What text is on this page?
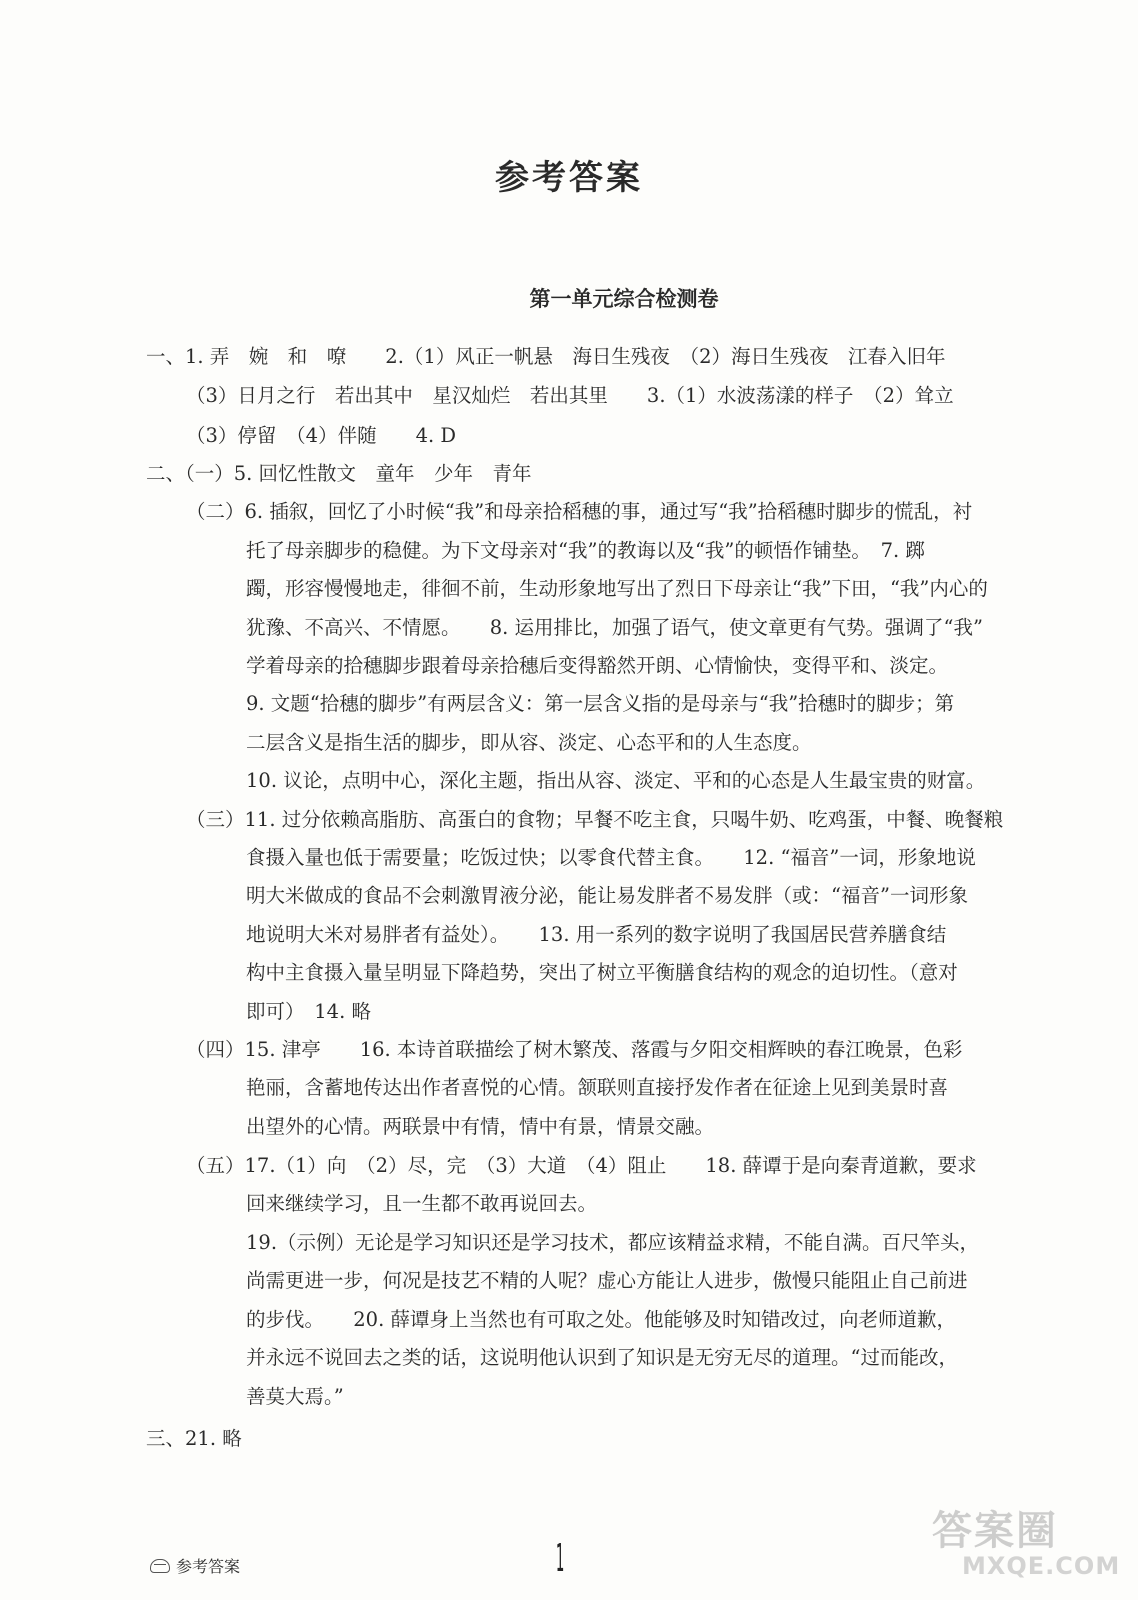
参考答案
第一单元综合检测卷
一、1. 弄　婉　和　嘹　　2.（1）风正一帆悬　海日生残夜　（2）海日生残夜　江春入旧年
（3）日月之行　若出其中　星汉灿烂　若出其里　　3.（1）水波荡漾的样子　（2）耸立
（3）停留　（4）伴随　　4. D
二、（一）5. 回忆性散文　童年　少年　青年
（二）6. 插叙，回忆了小时候“我”和母亲拾稻穗的事，通过写“我”拾稻穗时脚步的慌乱，衬
托了母亲脚步的稳健。为下文母亲对“我”的教诲以及“我”的顿悟作铺垫。　7. 踯
躅，形容慢慢地走，徘徊不前，生动形象地写出了烈日下母亲让“我”下田，“我”内心的
犹豫、不高兴、不情愿。　　8. 运用排比，加强了语气，使文章更有气势。强调了“我”
学着母亲的拾穗脚步跟着母亲拾穗后变得豁然开朗、心情愉快，变得平和、淡定。
9. 文题“拾穗的脚步”有两层含义：第一层含义指的是母亲与“我”拾穗时的脚步；第
二层含义是指生活的脚步，即从容、淡定、心态平和的人生态度。
10. 议论，点明中心，深化主题，指出从容、淡定、平和的心态是人生最宝贵的财富。
（三）11. 过分依赖高脂肪、高蛋白的食物；早餐不吃主食，只喝牛奶、吃鸡蛋，中餐、晚餐粮
食摄入量也低于需要量；吃饭过快；以零食代替主食。　　12. “福音”一词，形象地说
明大米做成的食品不会刺激胃液分泌，能让易发胖者不易发胖（或：“福音”一词形象
地说明大米对易胖者有益处）。　　13. 用一系列的数字说明了我国居民营养膳食结
构中主食摄入量呈明显下降趋势，突出了树立平衡膳食结构的观念的迫切性。（意对
即可）　14. 略
（四）15. 津亭　　16. 本诗首联描绘了树木繁茂、落霞与夕阳交相辉映的春江晚景，色彩
艳丽，含蓄地传达出作者喜悦的心情。颔联则直接抒发作者在征途上见到美景时喜
出望外的心情。两联景中有情，情中有景，情景交融。
（五）17.（1）向　（2）尽，完　（3）大道　（4）阻止　　18. 薛谭于是向秦青道歉，要求
回来继续学习，且一生都不敢再说回去。
19.（示例）无论是学习知识还是学习技术，都应该精益求精，不能自满。百尺竿头，
尚需更进一步，何况是技艺不精的人呢？虚心方能让人进步，傲慢只能阻止自己前进
的步伐。　　20. 薛谭身上当然也有可取之处。他能够及时知错改过，向老师道歉，
并永远不说回去之类的话，这说明他认识到了知识是无穷无尽的道理。“过而能改，
善莫大焉。”
三、21. 略
参考答案	1
答案圈
MXQE.COM
